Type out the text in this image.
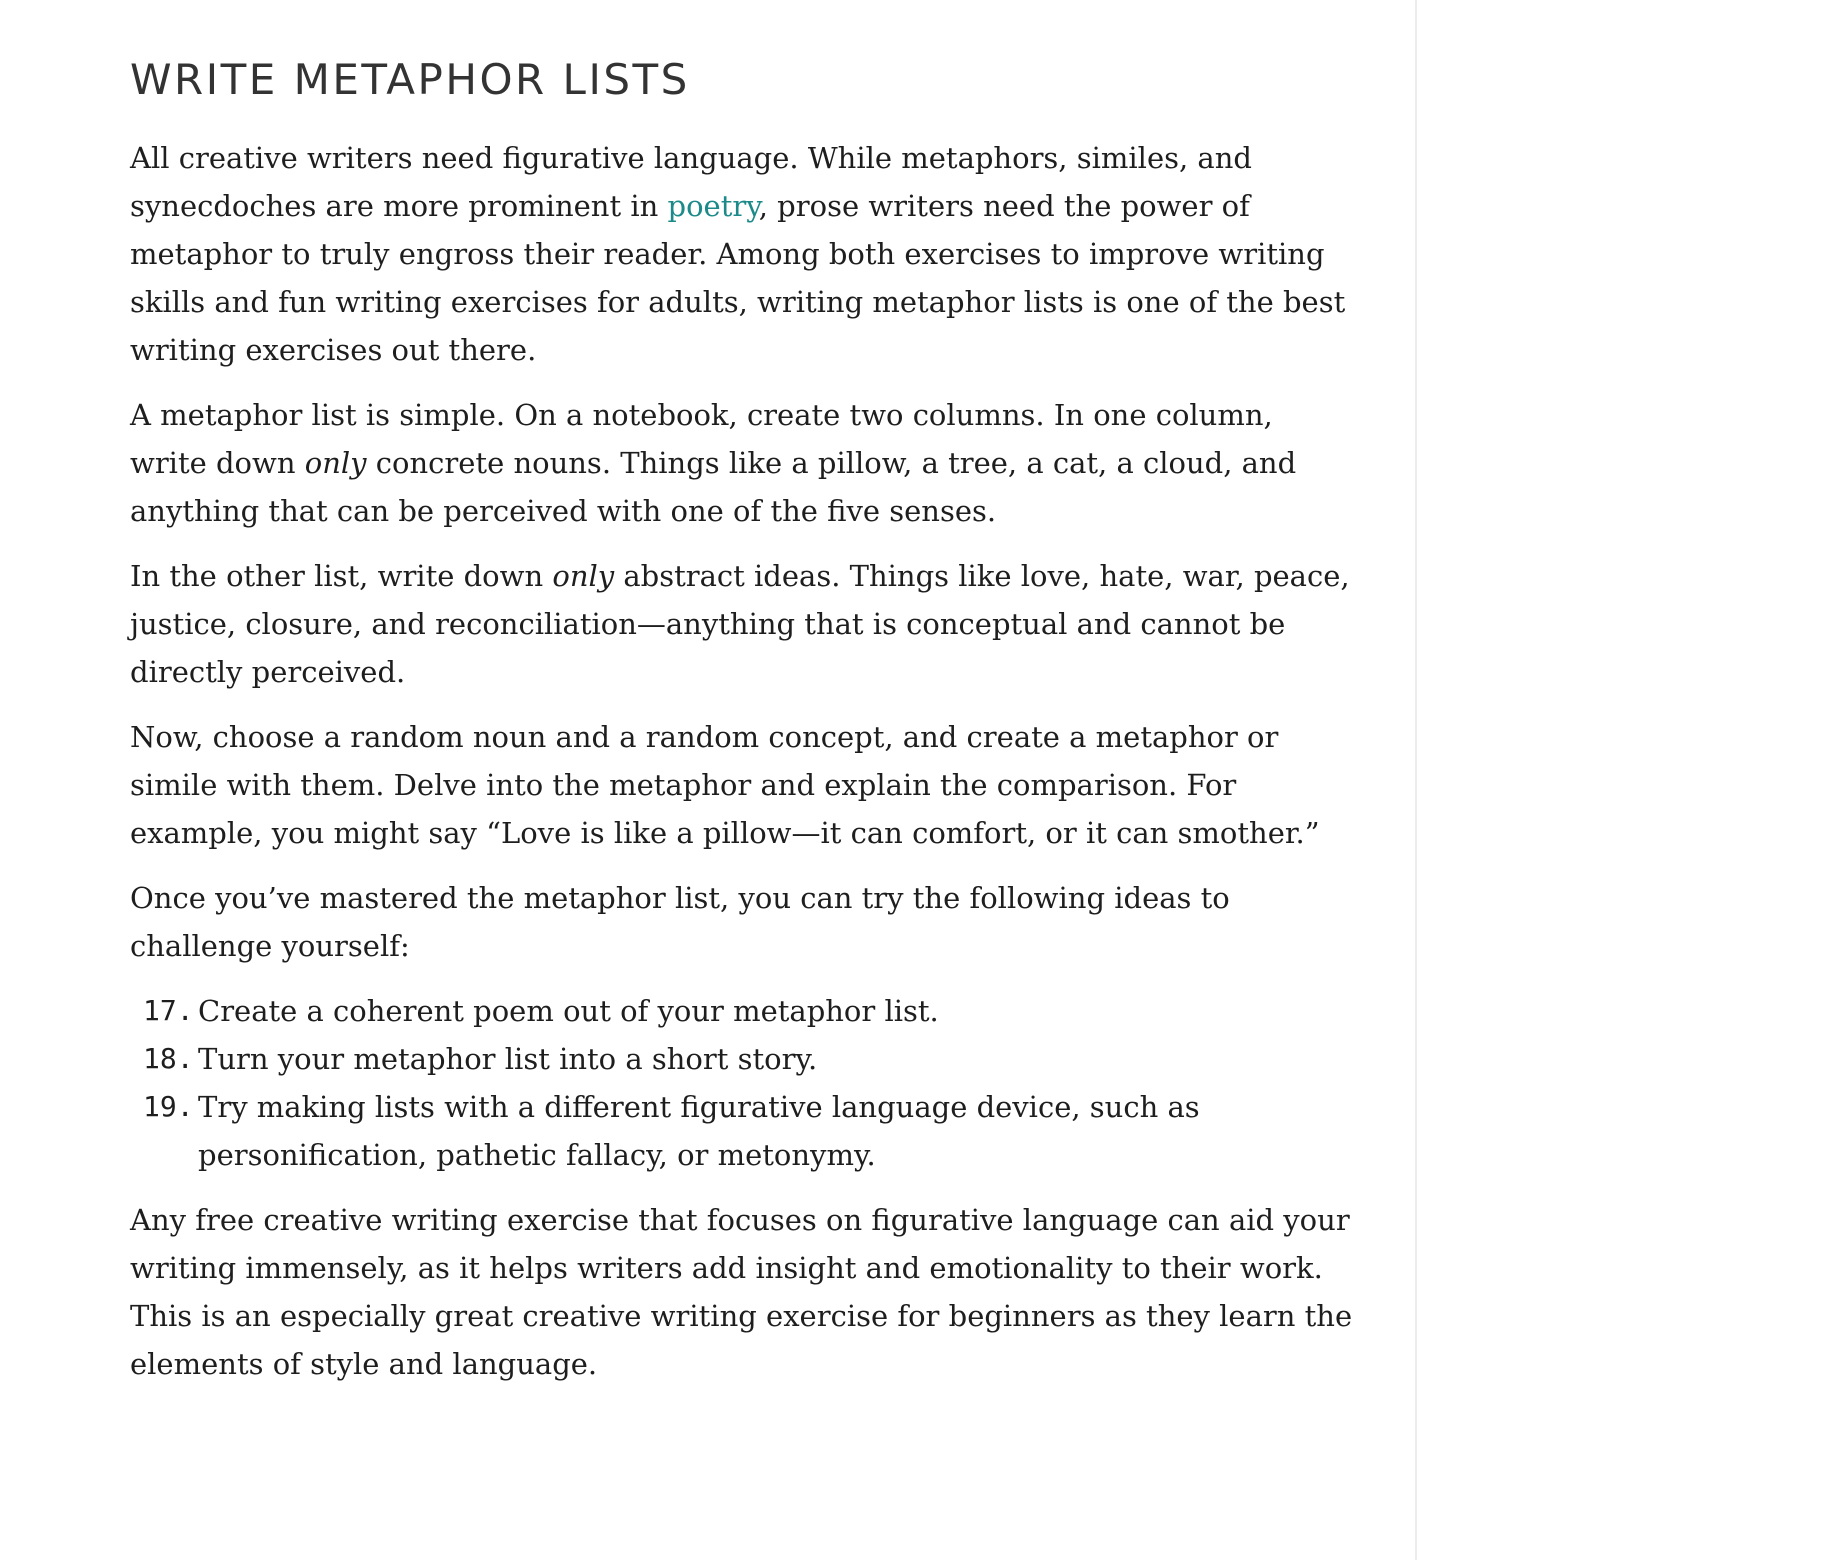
WRITE METAPHOR LISTS

All creative writers need figurative language. While metaphors, similes, and synecdoches are more prominent in poetry, prose writers need the power of metaphor to truly engross their reader. Among both exercises to improve writing skills and fun writing exercises for adults, writing metaphor lists is one of the best writing exercises out there.

A metaphor list is simple. On a notebook, create two columns. In one column, write down only concrete nouns. Things like a pillow, a tree, a cat, a cloud, and anything that can be perceived with one of the five senses.

In the other list, write down only abstract ideas. Things like love, hate, war, peace, justice, closure, and reconciliation—anything that is conceptual and cannot be directly perceived.

Now, choose a random noun and a random concept, and create a metaphor or simile with them. Delve into the metaphor and explain the comparison. For example, you might say “Love is like a pillow—it can comfort, or it can smother.”

Once you’ve mastered the metaphor list, you can try the following ideas to challenge yourself:

17. Create a coherent poem out of your metaphor list.
18. Turn your metaphor list into a short story.
19. Try making lists with a different figurative language device, such as personification, pathetic fallacy, or metonymy.

Any free creative writing exercise that focuses on figurative language can aid your writing immensely, as it helps writers add insight and emotionality to their work. This is an especially great creative writing exercise for beginners as they learn the elements of style and language.
